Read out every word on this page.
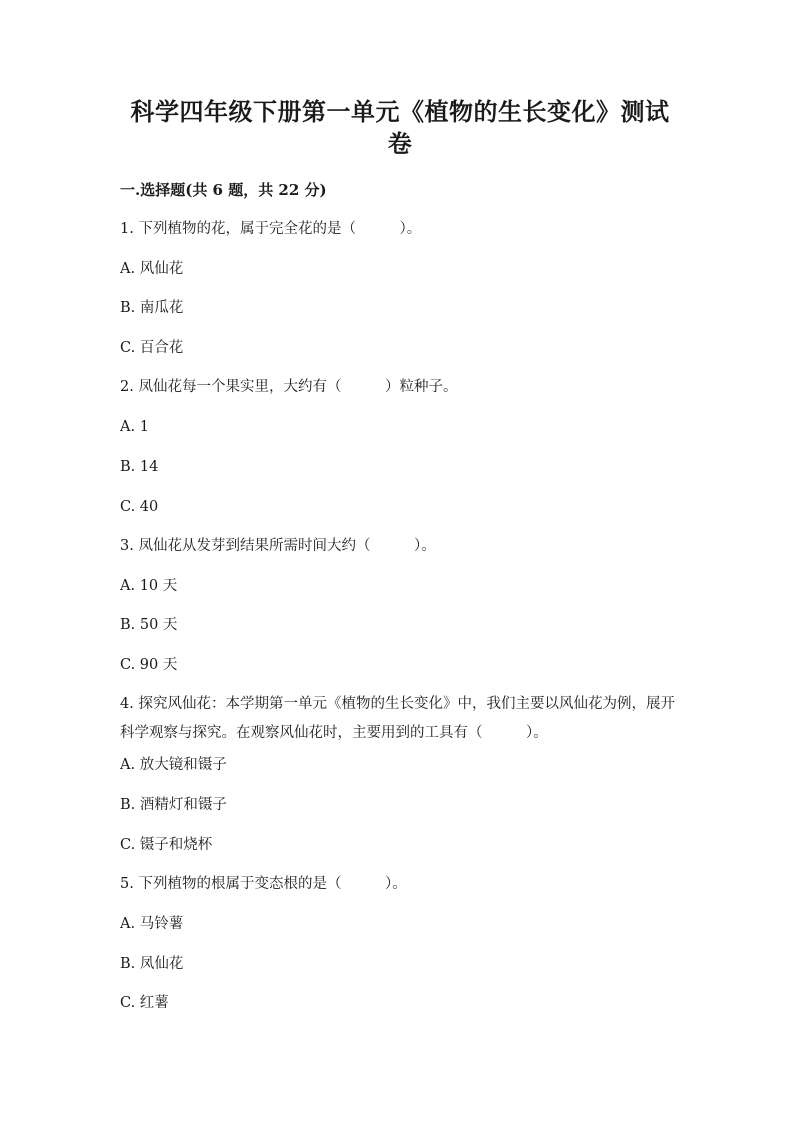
科学四年级下册第一单元《植物的生长变化》测试卷
一.选择题(共 6 题，共 22 分)
1. 下列植物的花，属于完全花的是（　　　）。
A. 风仙花
B. 南瓜花
C. 百合花
2. 凤仙花每一个果实里，大约有（　　　）粒种子。
A. 1
B. 14
C. 40
3. 凤仙花从发芽到结果所需时间大约（　　　）。
A. 10 天
B. 50 天
C. 90 天
4. 探究风仙花：本学期第一单元《植物的生长变化》中，我们主要以风仙花为例，展开科学观察与探究。在观察风仙花时，主要用到的工具有（　　　）。
A. 放大镜和镊子
B. 酒精灯和镊子
C. 镊子和烧杯
5. 下列植物的根属于变态根的是（　　　）。
A. 马铃薯
B. 凤仙花
C. 红薯
